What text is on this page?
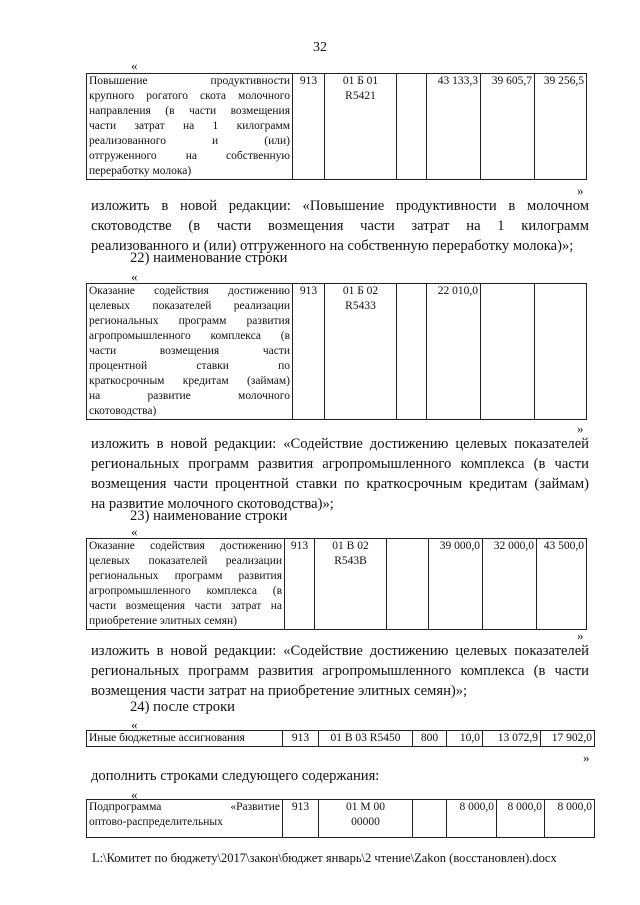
32
«
Повышение продуктивности
крупного рогатого скота молочного
направления (в части возмещения
части затрат на 1 килограмм
реализованного и (или)
отгруженного на собственную
переработку молока)
	913	01 Б 01
R5421
		43 133,3	39 605,7	39 256,5
»
изложить в новой редакции: «Повышение продуктивности в молочном
скотоводстве (в части возмещения части затрат на 1 килограмм
реализованного и (или) отгруженного на собственную переработку молока)»;
22) наименование строки
«
Оказание содействия достижению
целевых показателей реализации
региональных программ развития
агропромышленного комплекса (в
части возмещения части
процентной ставки по
краткосрочным кредитам (займам)
на развитие молочного
скотоводства)
	913	01 Б 02
R5433
		22 010,0		
»
изложить в новой редакции: «Содействие достижению целевых показателей
региональных программ развития агропромышленного комплекса (в части
возмещения части процентной ставки по краткосрочным кредитам (займам)
на развитие молочного скотоводства)»;
23) наименование строки
«
Оказание содействия достижению
целевых показателей реализации
региональных программ развития
агропромышленного комплекса (в
части возмещения части затрат на
приобретение элитных семян)
	913	01 В 02
R543B
		39 000,0	32 000,0	43 500,0
»
изложить в новой редакции: «Содействие достижению целевых показателей
региональных программ развития агропромышленного комплекса (в части
возмещения части затрат на приобретение элитных семян)»;
24) после строки
«
Иные бюджетные ассигнования	913	01 В 03 R5450	800	10,0	13 072,9	17 902,0
»
дополнить строками следующего содержания:
«
Подпрограмма «Развитие
оптово-распределительных
	913	01 М 00
00000
		8 000,0	8 000,0	8 000,0
L:\Комитет по бюджету\2017\закон\бюджет январь\2 чтение\Zakon (восстановлен).docx
